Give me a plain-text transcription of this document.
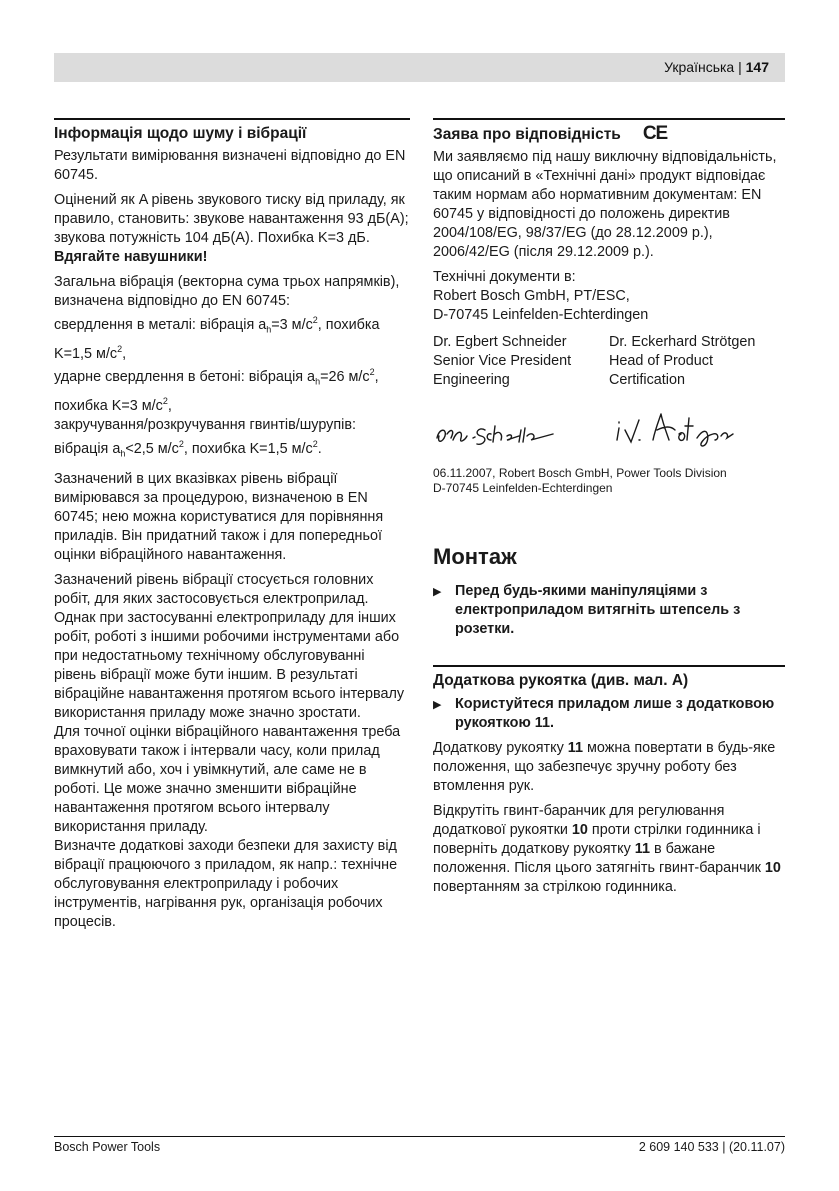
Українська | 147
Інформація щодо шуму і вібрації

Результати вимірювання визначені відповідно до EN 60745.

Оцінений як A рівень звукового тиску від приладу, як правило, становить: звукове навантаження 93 дБ(A); звукова потужність 104 дБ(A). Похибка K=3 дБ.

Вдягайте навушники!

Загальна вібрація (векторна сума трьох напрямків), визначена відповідно до EN 60745:

свердлення в металі: вібрація $a_h=3$ $м/с^2$, похибка K=1,5 $м/с^2$,
ударне свердлення в бетоні: вібрація $a_h=26$ $м/с^2$, похибка K=3 $м/с^2$,

закручування/розкручування гвинтів/шурупів: вібрація $a_h<2,5$ $м/с^2$, похибка K=1,5 $м/с^2$.

Зазначений в цих вказівках рівень вібрації вимірювався за процедурою, визначеною в EN 60745; нею можна користуватися для порівняння приладів. Він придатний також і для попередньої оцінки вібраційного навантаження.

Зазначений рівень вібрації стосується головних робіт, для яких застосовується електроприлад. Однак при застосуванні електроприладу для інших робіт, роботі з іншими робочими інструментами або при недостатньому технічному обслуговуванні рівень вібрації може бути іншим. В результаті вібраційне навантаження протягом всього інтервалу використання приладу може значно зростати.

Для точної оцінки вібраційного навантаження треба враховувати також і інтервали часу, коли прилад вимкнутий або, хоч і увімкнутий, але саме не в роботі. Це може значно зменшити вібраційне навантаження протягом всього інтервалу використання приладу.

Визначте додаткові заходи безпеки для захисту від вібрації працюючого з приладом, як напр.: технічне обслуговування електроприладу і робочих інструментів, нагрівання рук, організація робочих процесів.

Заява про відповідність CE

Ми заявляємо під нашу виключну відповідальність, що описаний в «Технічні дані» продукт відповідає таким нормам або нормативним документам: EN 60745 у відповідності до положень директив 2004/108/EG, 98/37/EG (до 28.12.2009 р.), 2006/42/EG (після 29.12.2009 р.).

Технічні документи в:
Robert Bosch GmbH, PT/ESC,
D-70745 Leinfelden-Echterdingen
Dr. Egbert Schneider
Senior Vice President
Engineering
Dr. Eckerhard Strötgen
Head of Product
Certification
06.11.2007, Robert Bosch GmbH, Power Tools Division
D-70745 Leinfelden-Echterdingen
Монтаж
▶ Перед будь-якими маніпуляціями з електроприладом витягніть штепсель з розетки.
Додаткова рукоятка (див. мал. A)
▶ Користуйтеся приладом лише з додатковою рукояткою 11.

Додаткову рукоятку 11 можна повертати в будь-яке положення, що забезпечує зручну роботу без втомлення рук.

Відкрутіть гвинт-баранчик для регулювання додаткової рукоятки 10 проти стрілки годинника і поверніть додаткову рукоятку 11 в бажане положення. Після цього затягніть гвинт-баранчик 10 повертанням за стрілкою годинника.

Bosch Power Tools	2 609 140 533 | (20.11.07)
